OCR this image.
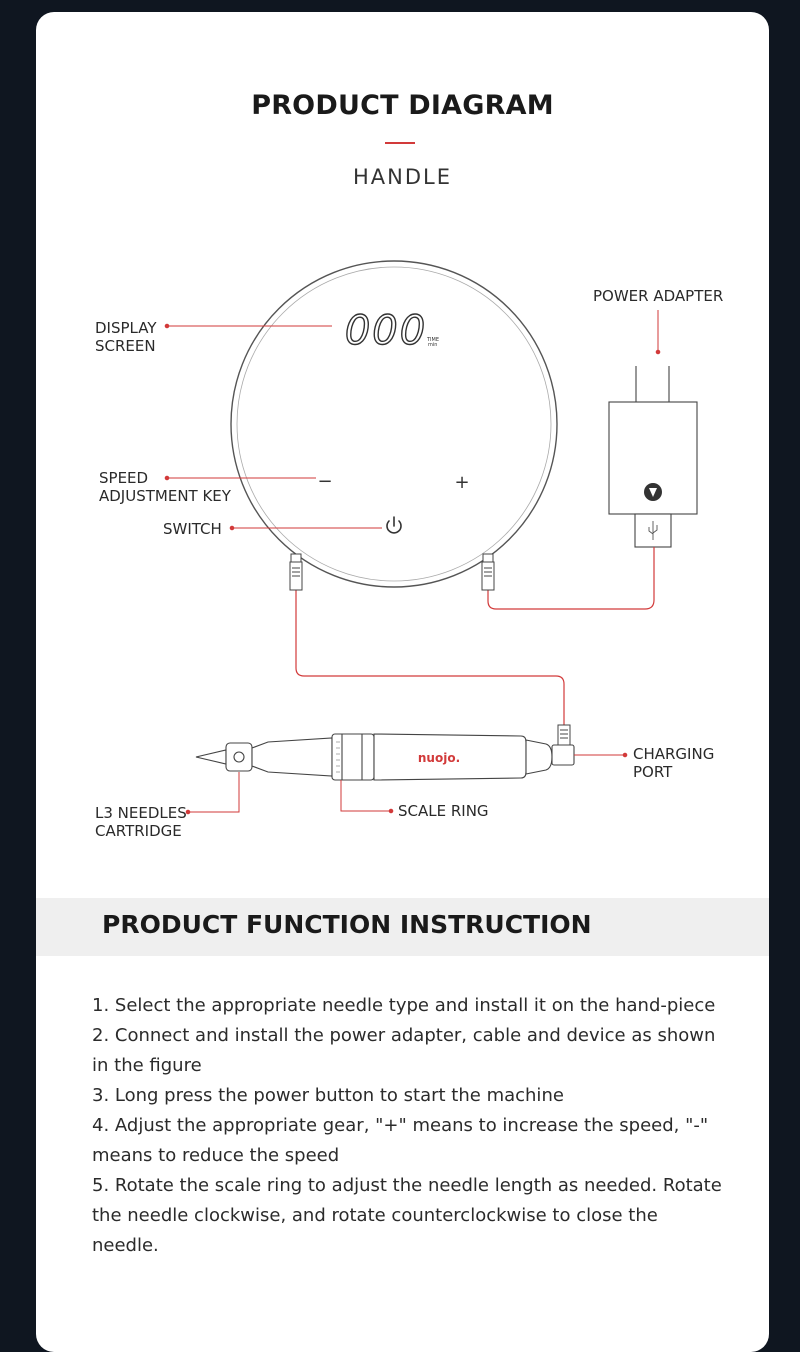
PRODUCT DIAGRAM
HANDLE
000 TIME
min
−	+
nuojo.
DISPLAY
SCREEN
SPEED
ADJUSTMENT KEY
SWITCH
POWER ADAPTER
CHARGING
PORT
L3 NEEDLES
CARTRIDGE
SCALE RING
PRODUCT FUNCTION INSTRUCTION
1. Select the appropriate needle type and install it on the hand-piece
2. Connect and install the power adapter, cable and device as shown in the figure
3. Long press the power button to start the machine
4. Adjust the appropriate gear, "+" means to increase the speed, "-" means to reduce the speed
5. Rotate the scale ring to adjust the needle length as needed. Rotate the needle clockwise, and rotate counterclockwise to close the needle.
